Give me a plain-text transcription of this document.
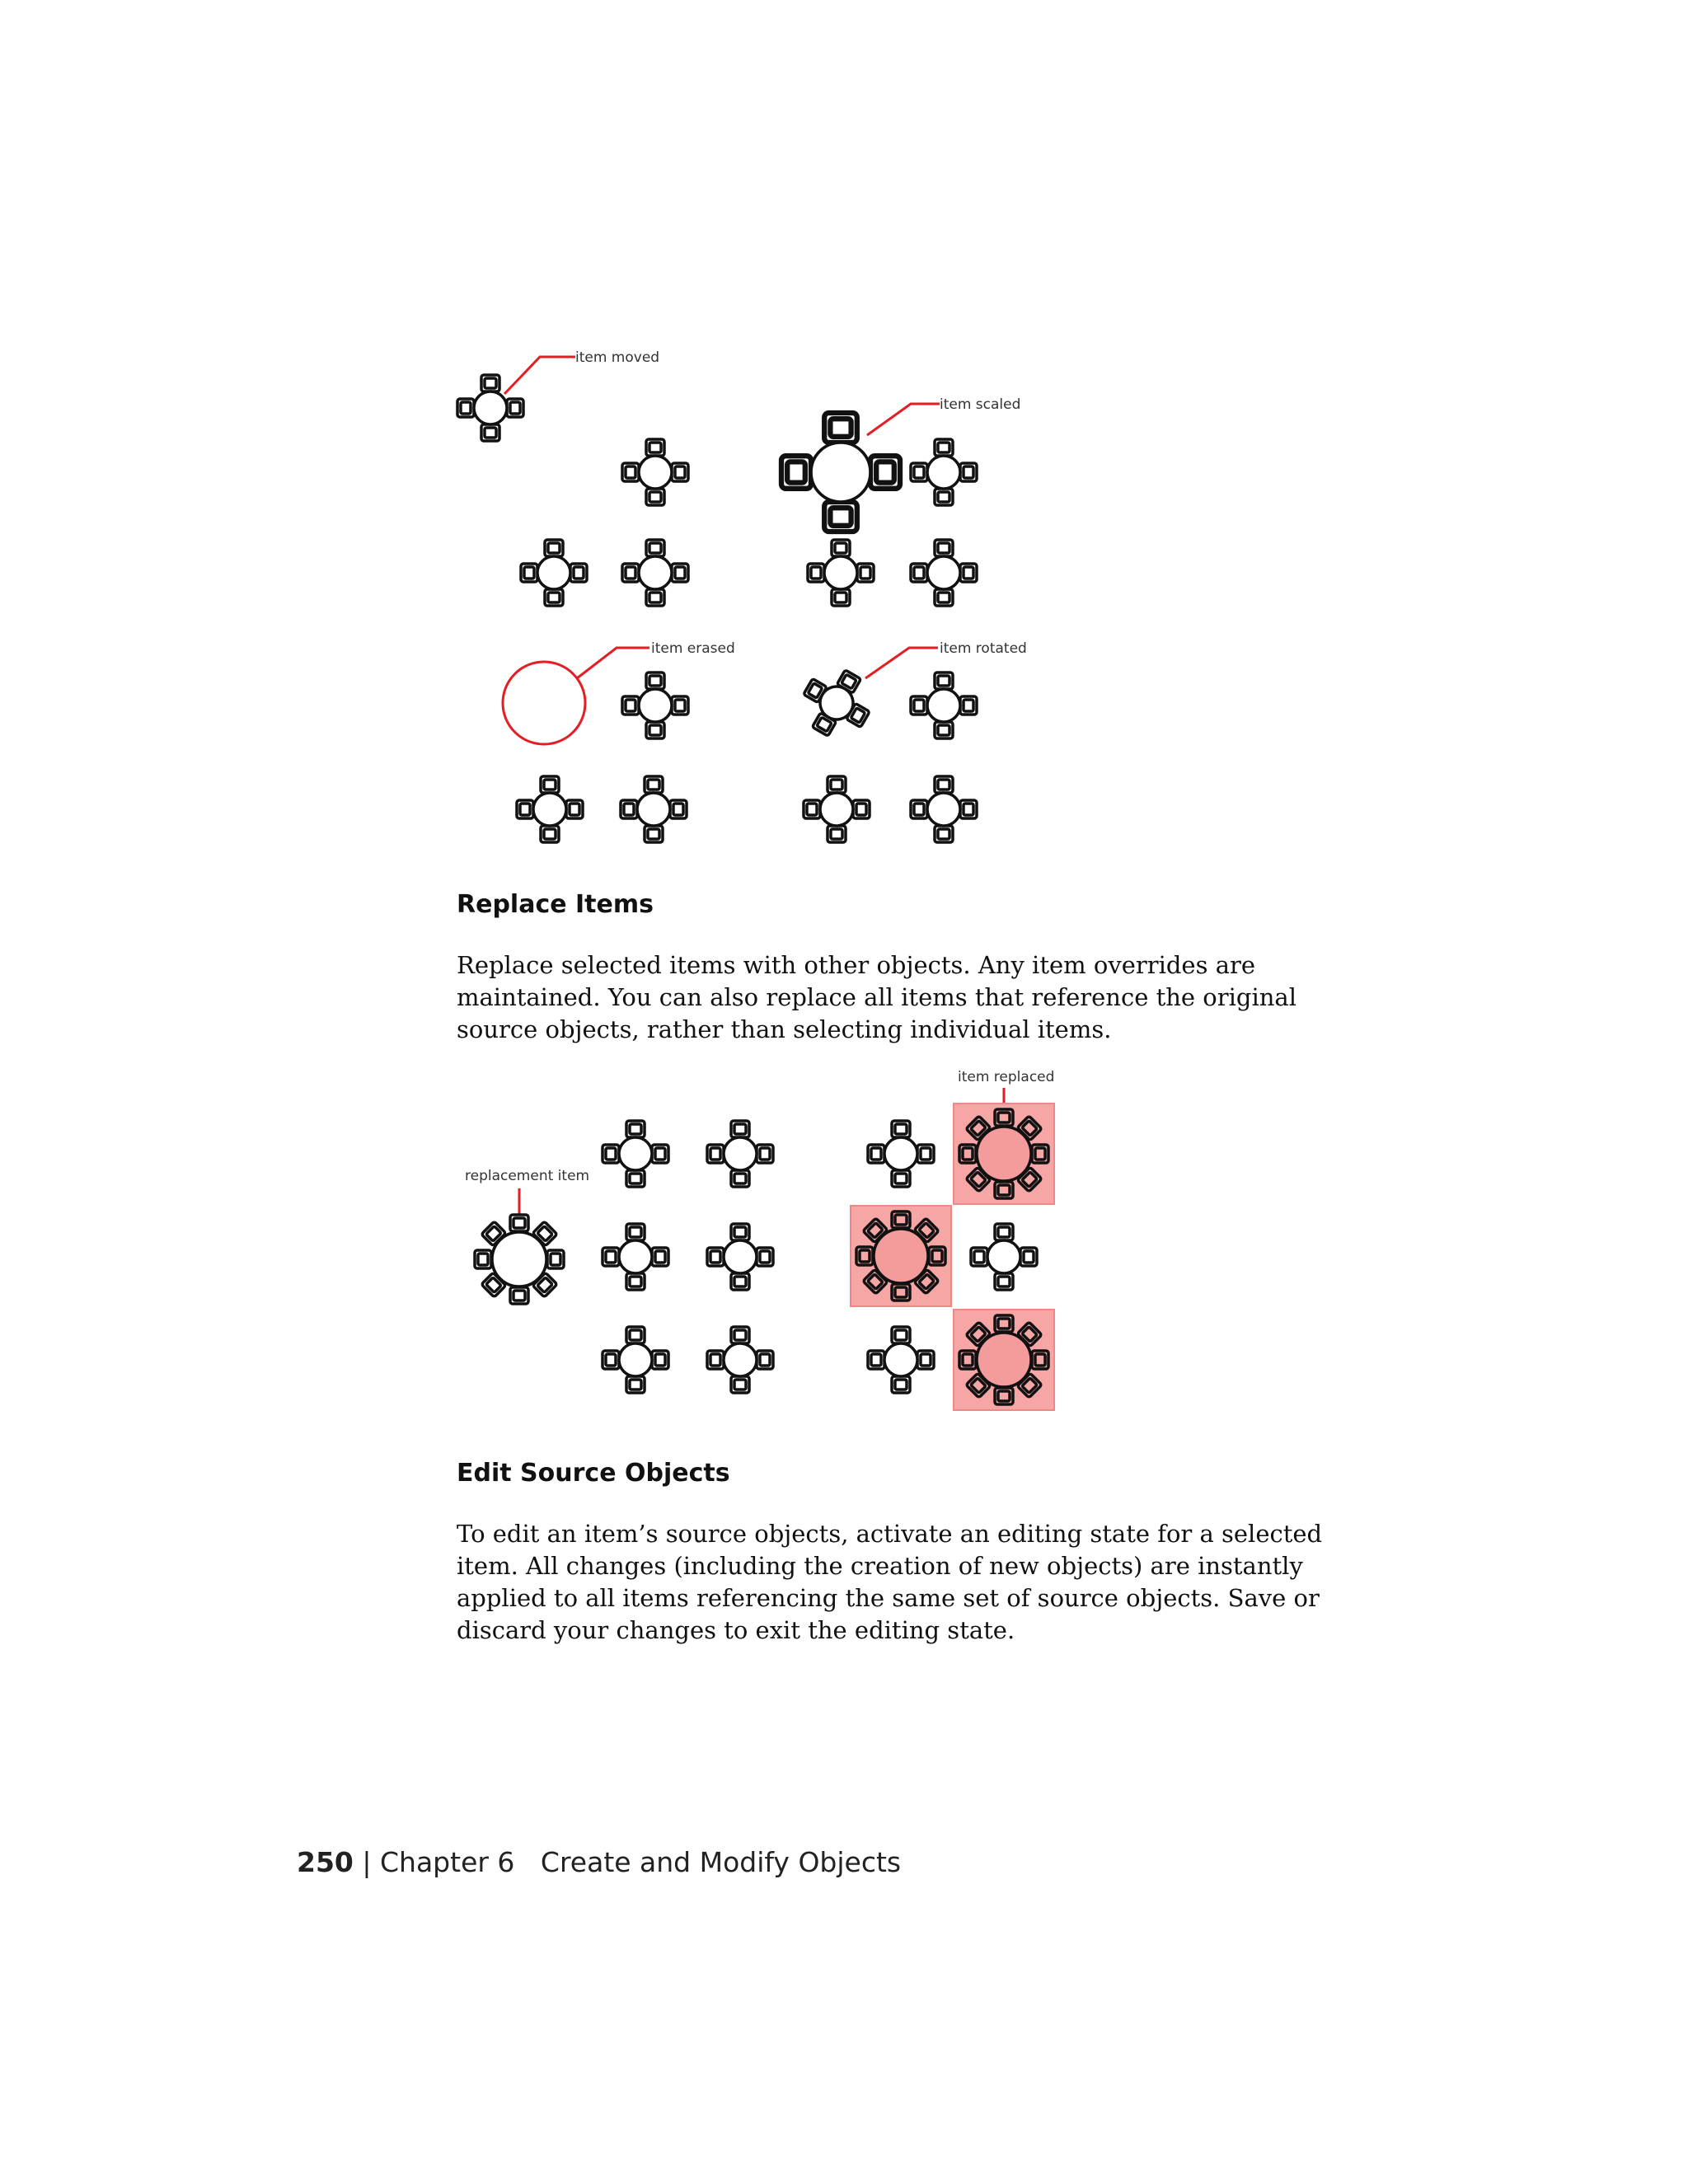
item moved
item scaled
item erased	item rotated
Replace Items

Replace selected items with other objects. Any item overrides are maintained. You can also replace all items that reference the original source objects, rather than selecting individual items.

replacement item
item replaced
Edit Source Objects

To edit an item’s source objects, activate an editing state for a selected item. All changes (including the creation of new objects) are instantly applied to all items referencing the same set of source objects. Save or discard your changes to exit the editing state.

250 | Chapter 6 Create and Modify Objects
